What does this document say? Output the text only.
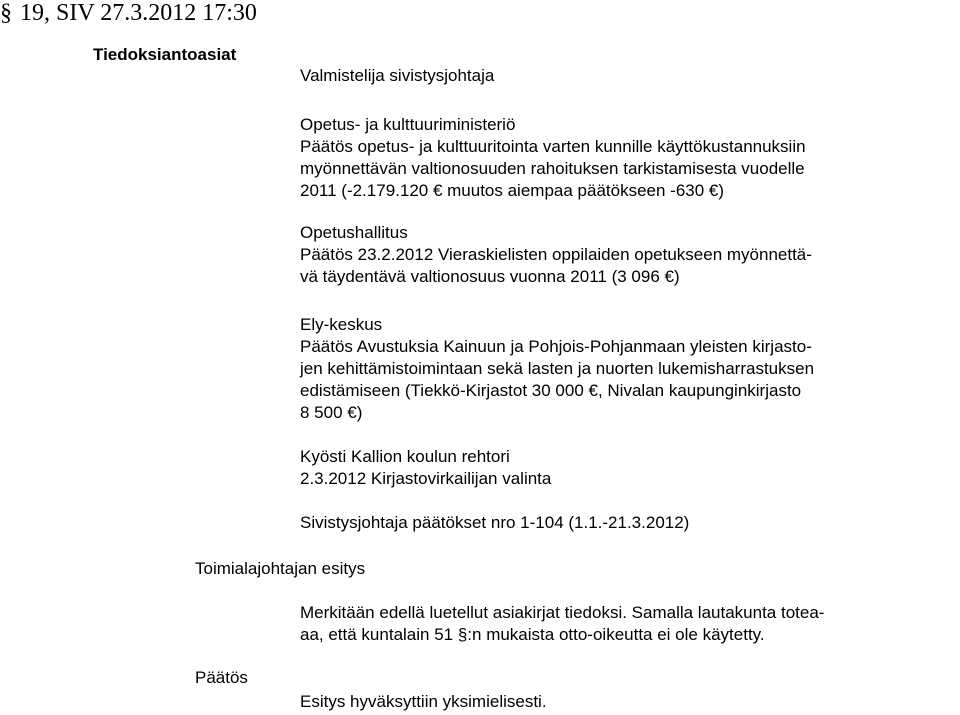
§ 19, SIV 27.3.2012 17:30
Tiedoksiantoasiat
Valmistelija sivistysjohtaja
Opetus- ja kulttuuriministeriö
Päätös opetus- ja kulttuuritointa varten kunnille käyttökustannuksiin
myönnettävän valtionosuuden rahoituksen tarkistamisesta vuodelle
2011 (-2.179.120 € muutos aiempaa päätökseen -630 €)
Opetushallitus
Päätös 23.2.2012 Vieraskielisten oppilaiden opetukseen myönnettä-
vä täydentävä valtionosuus vuonna 2011 (3 096 €)
Ely-keskus
Päätös Avustuksia Kainuun ja Pohjois-Pohjanmaan yleisten kirjasto-
jen kehittämistoimintaan sekä lasten ja nuorten lukemisharrastuksen
edistämiseen (Tiekkö-Kirjastot 30 000 €, Nivalan kaupunginkirjasto
8 500 €)
Kyösti Kallion koulun rehtori
2.3.2012 Kirjastovirkailijan valinta
Sivistysjohtaja päätökset nro 1-104 (1.1.-21.3.2012)
Toimialajohtajan esitys
Merkitään edellä luetellut asiakirjat tiedoksi. Samalla lautakunta totea-
aa, että kuntalain 51 §:n mukaista otto-oikeutta ei ole käytetty.
Päätös
Esitys hyväksyttiin yksimielisesti.
